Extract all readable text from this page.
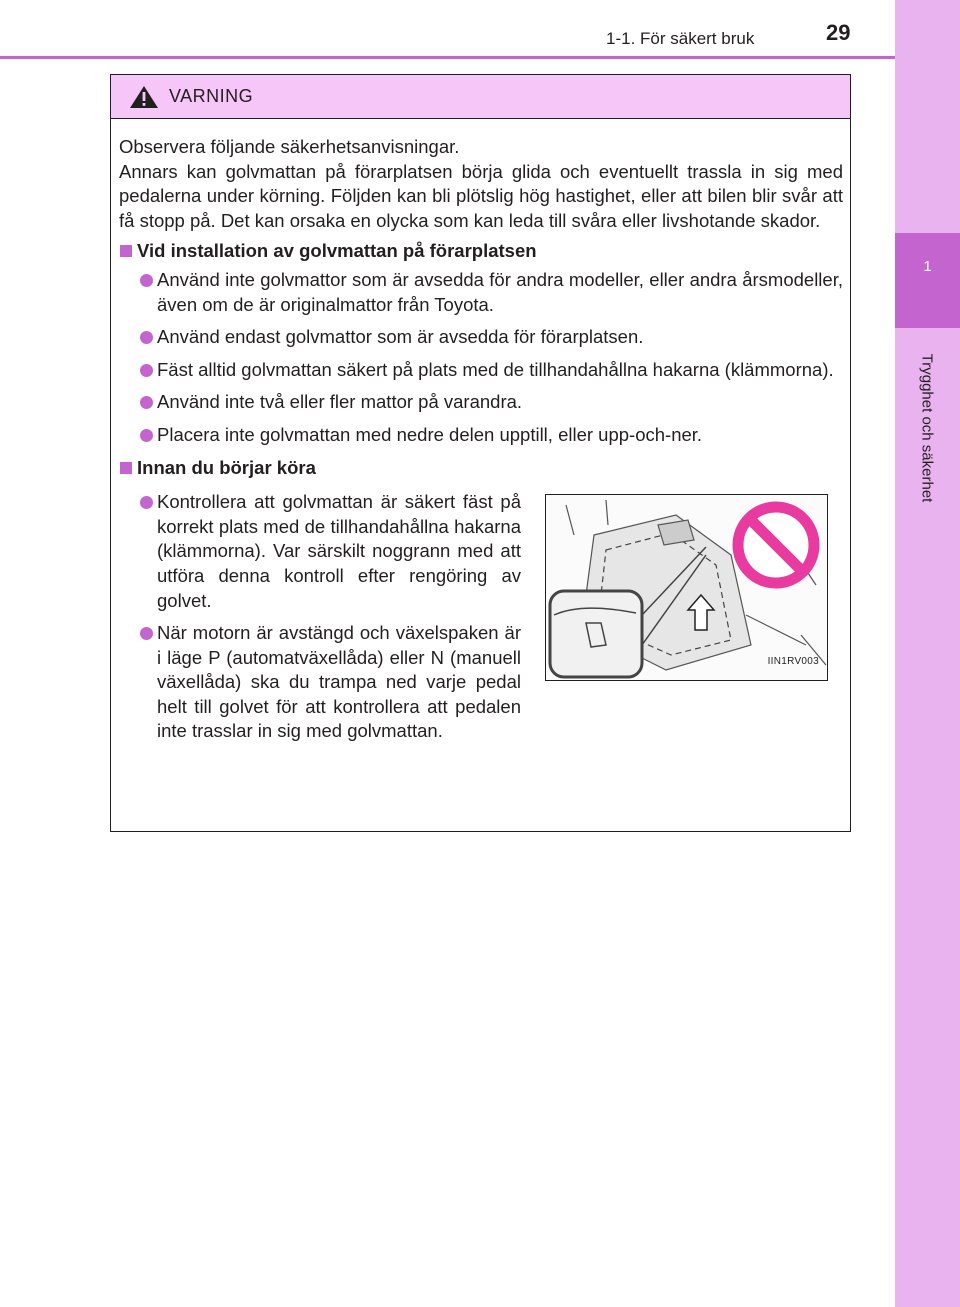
1
Trygghet och säkerhet
1-1. För säkert bruk	29
VARNING
Observera följande säkerhetsanvisningar.
Annars kan golvmattan på förarplatsen börja glida och eventuellt trassla in sig med pedalerna under körning. Följden kan bli plötslig hög hastighet, eller att bilen blir svår att få stopp på. Det kan orsaka en olycka som kan leda till svåra eller livshotande skador.
Vid installation av golvmattan på förarplatsen
Använd inte golvmattor som är avsedda för andra modeller, eller andra årsmodeller, även om de är originalmattor från Toyota.
Använd endast golvmattor som är avsedda för förarplatsen.
Fäst alltid golvmattan säkert på plats med de tillhandahållna hakarna (klämmorna).
Använd inte två eller fler mattor på varandra.
Placera inte golvmattan med nedre delen upptill, eller upp-och-ner.
Innan du börjar köra
Kontrollera att golvmattan är säkert fäst på korrekt plats med de tillhandahållna hakarna (klämmorna). Var särskilt noggrann med att utföra denna kontroll efter rengöring av golvet.
När motorn är avstängd och växelspaken är i läge P (automatväxellåda) eller N (manuell växellåda) ska du trampa ned varje pedal helt till golvet för att kontrollera att pedalen inte trasslar in sig med golvmattan.
IIN1RV003
